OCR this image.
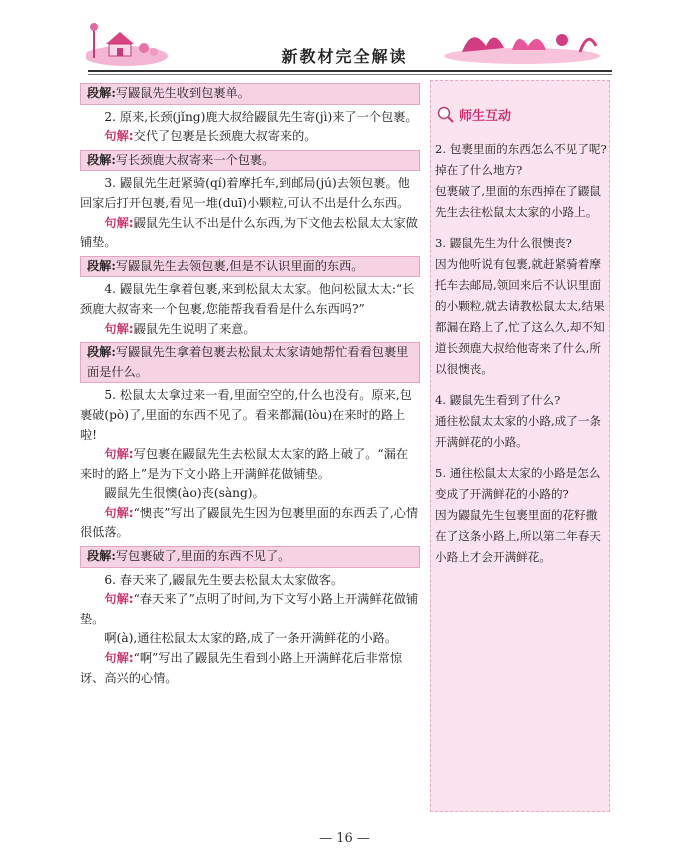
新教材完全解读
段解:写鼹鼠先生收到包裹单。

2. 原来,长颈(jǐng)鹿大叔给鼹鼠先生寄(jì)来了一个包裹。

句解:交代了包裹是长颈鹿大叔寄来的。

段解:写长颈鹿大叔寄来一个包裹。

3. 鼹鼠先生赶紧骑(qí)着摩托车,到邮局(jú)去领包裹。他回家后打开包裹,看见一堆(duī)小颗粒,可认不出是什么东西。

句解:鼹鼠先生认不出是什么东西,为下文他去松鼠太太家做铺垫。

段解:写鼹鼠先生去领包裹,但是不认识里面的东西。

4. 鼹鼠先生拿着包裹,来到松鼠太太家。他问松鼠太太:“长颈鹿大叔寄来一个包裹,您能帮我看看是什么东西吗?”

句解:鼹鼠先生说明了来意。

段解:写鼹鼠先生拿着包裹去松鼠太太家请她帮忙看看包裹里面是什么。

5. 松鼠太太拿过来一看,里面空空的,什么也没有。原来,包裹破(pò)了,里面的东西不见了。看来都漏(lòu)在来时的路上啦!

句解:写包裹在鼹鼠先生去松鼠太太家的路上破了。“漏在来时的路上”是为下文小路上开满鲜花做铺垫。

鼹鼠先生很懊(ào)丧(sàng)。

句解:“懊丧”写出了鼹鼠先生因为包裹里面的东西丢了,心情很低落。

段解:写包裹破了,里面的东西不见了。

6. 春天来了,鼹鼠先生要去松鼠太太家做客。

句解:“春天来了”点明了时间,为下文写小路上开满鲜花做铺垫。

啊(à),通往松鼠太太家的路,成了一条开满鲜花的小路。

句解:“啊”写出了鼹鼠先生看到小路上开满鲜花后非常惊讶、高兴的心情。

师生互动

2. 包裹里面的东西怎么不见了呢?掉在了什么地方?

包裹破了,里面的东西掉在了鼹鼠先生去往松鼠太太家的小路上。

3. 鼹鼠先生为什么很懊丧?

因为他听说有包裹,就赶紧骑着摩托车去邮局,领回来后不认识里面的小颗粒,就去请教松鼠太太,结果都漏在路上了,忙了这么久,却不知道长颈鹿大叔给他寄来了什么,所以很懊丧。

4. 鼹鼠先生看到了什么?

通往松鼠太太家的小路,成了一条开满鲜花的小路。

5. 通往松鼠太太家的小路是怎么变成了开满鲜花的小路的?

因为鼹鼠先生包裹里面的花籽撒在了这条小路上,所以第二年春天小路上才会开满鲜花。

— 16 —
